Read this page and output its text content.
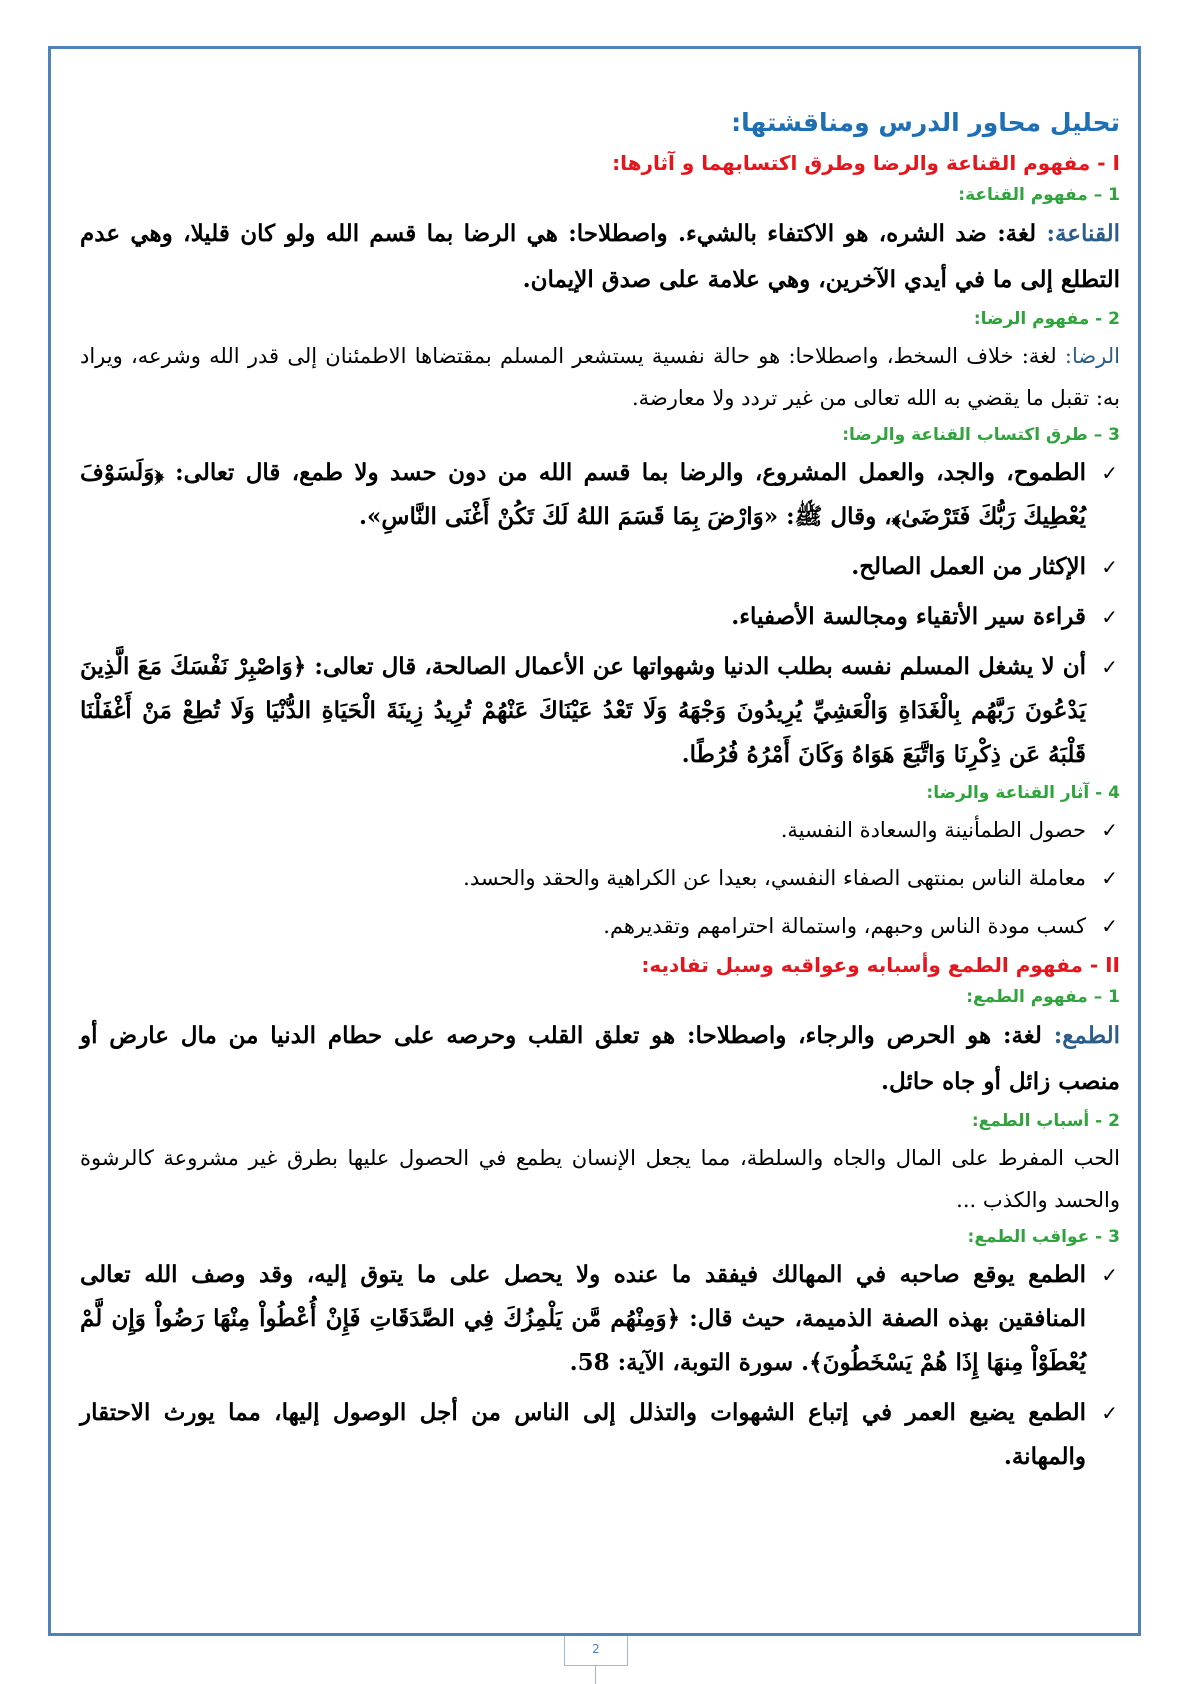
تحليل محاور الدرس ومناقشتها:
I - مفهوم القناعة والرضا وطرق اكتسابهما و آثارها:
1 – مفهوم القناعة:

القناعة: لغة: ضد الشره، هو الاكتفاء بالشيء. واصطلاحا: هي الرضا بما قسم الله ولو كان قليلا، وهي عدم التطلع إلى ما في أيدي الآخرين، وهي علامة على صدق الإيمان.

2 - مفهوم الرضا:

الرضا: لغة: خلاف السخط، واصطلاحا: هو حالة نفسية يستشعر المسلم بمقتضاها الاطمئنان إلى قدر الله وشرعه، ويراد به: تقبل ما يقضي به الله تعالى من غير تردد ولا معارضة.

3 – طرق اكتساب القناعة والرضا:
✓
الطموح، والجد، والعمل المشروع، والرضا بما قسم الله من دون حسد ولا طمع، قال تعالى: ﴿وَلَسَوْفَ يُعْطِيكَ رَبُّكَ فَتَرْضَىٰ﴾، وقال ﷺ: «وَارْضَ بِمَا قَسَمَ اللهُ لَكَ تَكُنْ أَغْنَى النَّاسِ».
✓
الإكثار من العمل الصالح.
✓
قراءة سير الأتقياء ومجالسة الأصفياء.
✓
أن لا يشغل المسلم نفسه بطلب الدنيا وشهواتها عن الأعمال الصالحة، قال تعالى: ﴿وَاصْبِرْ نَفْسَكَ مَعَ الَّذِينَ يَدْعُونَ رَبَّهُم بِالْغَدَاةِ وَالْعَشِيِّ يُرِيدُونَ وَجْهَهُ وَلَا تَعْدُ عَيْنَاكَ عَنْهُمْ تُرِيدُ زِينَةَ الْحَيَاةِ الدُّنْيَا وَلَا تُطِعْ مَنْ أَغْفَلْنَا قَلْبَهُ عَن ذِكْرِنَا وَاتَّبَعَ هَوَاهُ وَكَانَ أَمْرُهُ فُرُطًا.
4 - آثار القناعة والرضا:
✓
حصول الطمأنينة والسعادة النفسية.
✓
معاملة الناس بمنتهى الصفاء النفسي، بعيدا عن الكراهية والحقد والحسد.
✓
كسب مودة الناس وحبهم، واستمالة احترامهم وتقديرهم.
II - مفهوم الطمع وأسبابه وعواقبه وسبل تفاديه:
1 – مفهوم الطمع:

الطمع: لغة: هو الحرص والرجاء، واصطلاحا: هو تعلق القلب وحرصه على حطام الدنيا من مال عارض أو منصب زائل أو جاه حائل.

2 - أسباب الطمع:

الحب المفرط على المال والجاه والسلطة، مما يجعل الإنسان يطمع في الحصول عليها بطرق غير مشروعة كالرشوة والحسد والكذب ...

3 - عواقب الطمع:
✓
الطمع يوقع صاحبه في المهالك فيفقد ما عنده ولا يحصل على ما يتوق إليه، وقد وصف الله تعالى المنافقين بهذه الصفة الذميمة، حيث قال: ﴿وَمِنْهُم مَّن يَلْمِزُكَ فِي الصَّدَقَاتِ فَإِنْ أُعْطُواْ مِنْهَا رَضُواْ وَإِن لَّمْ يُعْطَوْاْ مِنهَا إِذَا هُمْ يَسْخَطُونَ﴾. سورة التوبة، الآية: 58.
✓
الطمع يضيع العمر في إتباع الشهوات والتذلل إلى الناس من أجل الوصول إليها، مما يورث الاحتقار والمهانة.
2
